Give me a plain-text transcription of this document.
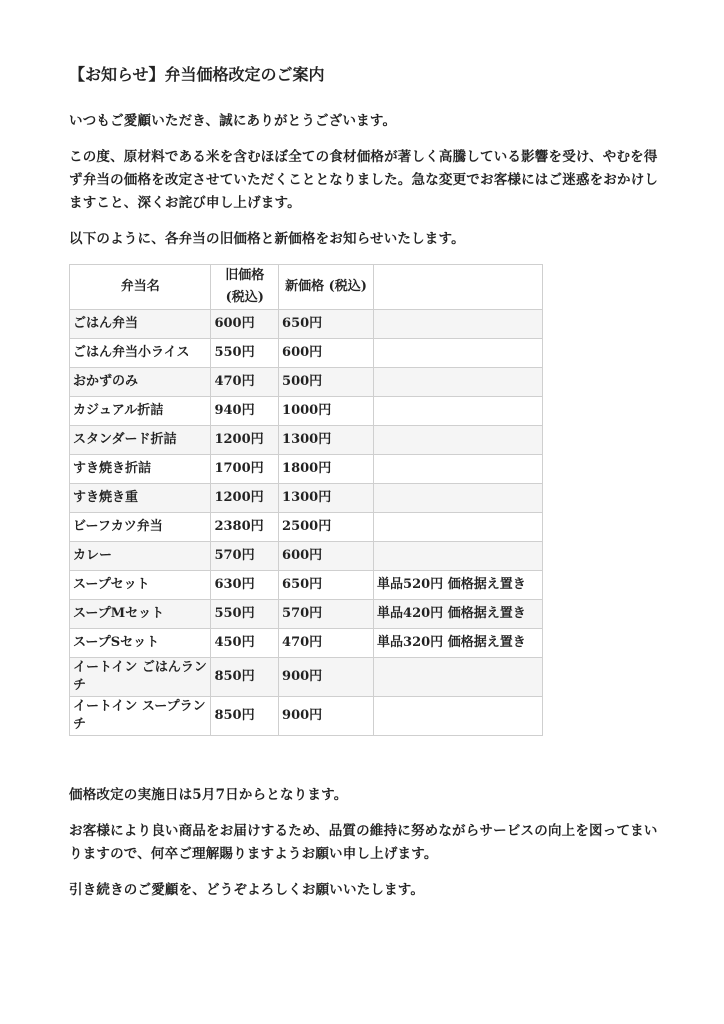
【お知らせ】弁当価格改定のご案内

いつもご愛顧いただき、誠にありがとうございます。

この度、原材料である米を含むほぼ全ての食材価格が著しく高騰している影響を受け、やむを得ず弁当の価格を改定させていただくこととなりました。急な変更でお客様にはご迷惑をおかけしますこと、深くお詫び申し上げます。

以下のように、各弁当の旧価格と新価格をお知らせいたします。

弁当名	旧価格 (税込)	新価格 (税込)	
ごはん弁当	600円	650円	
ごはん弁当小ライス	550円	600円	
おかずのみ	470円	500円	
カジュアル折詰	940円	1000円	
スタンダード折詰	1200円	1300円	
すき焼き折詰	1700円	1800円	
すき焼き重	1200円	1300円	
ビーフカツ弁当	2380円	2500円	
カレー	570円	600円	
スープセット	630円	650円	単品520円 価格据え置き
スープMセット	550円	570円	単品420円 価格据え置き
スープSセット	450円	470円	単品320円 価格据え置き
イートイン ごはんランチ	850円	900円	
イートイン スープランチ	850円	900円	

価格改定の実施日は5月7日からとなります。

お客様により良い商品をお届けするため、品質の維持に努めながらサービスの向上を図ってまいりますので、何卒ご理解賜りますようお願い申し上げます。

引き続きのご愛顧を、どうぞよろしくお願いいたします。
